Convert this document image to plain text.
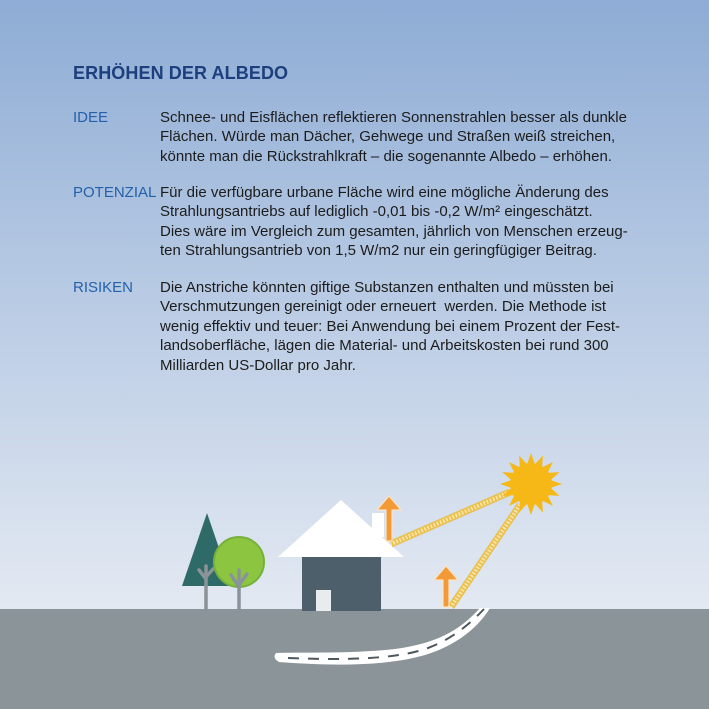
ERHÖHEN DER ALBEDO
IDEE	Schnee- und Eisflächen reflektieren Sonnenstrahlen besser als dunkle
Flächen. Würde man Dächer, Gehwege und Straßen weiß streichen,
könnte man die Rückstrahlkraft – die sogenannte Albedo – erhöhen.
POTENZIAL Für die verfügbare urbane Fläche wird eine mögliche Änderung des
Strahlungsantriebs auf lediglich -0,01 bis -0,2 W/m² eingeschätzt.
Dies wäre im Vergleich zum gesamten, jährlich von Menschen erzeug-
ten Strahlungsantrieb von 1,5 W/m2 nur ein geringfügiger Beitrag.
RISIKEN Die Anstriche könnten giftige Substanzen enthalten und müssten bei
Verschmutzungen gereinigt oder erneuert  werden. Die Methode ist
wenig effektiv und teuer: Bei Anwendung bei einem Prozent der Fest-
landsoberfläche, lägen die Material- und Arbeitskosten bei rund 300
Milliarden US-Dollar pro Jahr.
